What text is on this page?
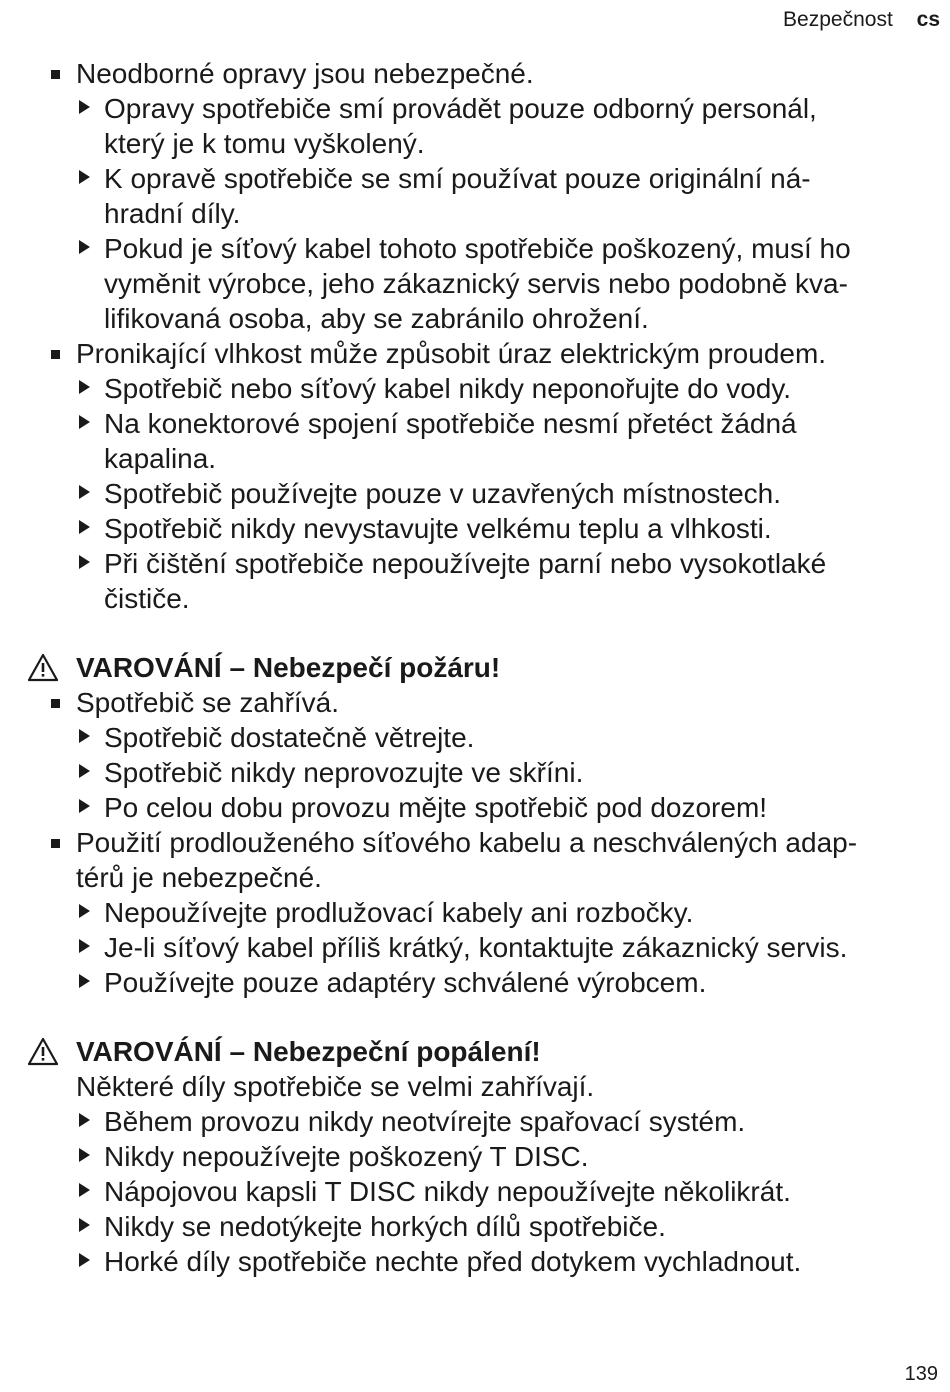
Bezpečnost cs
Neodborné opravy jsou nebezpečné.
Opravy spotřebiče smí provádět pouze odborný personál,
který je k tomu vyškolený.
K opravě spotřebiče se smí používat pouze originální ná-
hradní díly.
Pokud je síťový kabel tohoto spotřebiče poškozený, musí ho
vyměnit výrobce, jeho zákaznický servis nebo podobně kva-
lifikovaná osoba, aby se zabránilo ohrožení.
Pronikající vlhkost může způsobit úraz elektrickým proudem.
Spotřebič nebo síťový kabel nikdy neponořujte do vody.
Na konektorové spojení spotřebiče nesmí přetéct žádná
kapalina.
Spotřebič používejte pouze v uzavřených místnostech.
Spotřebič nikdy nevystavujte velkému teplu a vlhkosti.
Při čištění spotřebiče nepoužívejte parní nebo vysokotlaké
čističe.
VAROVÁNÍ – Nebezpečí požáru!
Spotřebič se zahřívá.
Spotřebič dostatečně větrejte.
Spotřebič nikdy neprovozujte ve skříni.
Po celou dobu provozu mějte spotřebič pod dozorem!
Použití prodlouženého síťového kabelu a neschválených adap-
térů je nebezpečné.
Nepoužívejte prodlužovací kabely ani rozbočky.
Je-li síťový kabel příliš krátký, kontaktujte zákaznický servis.
Používejte pouze adaptéry schválené výrobcem.
VAROVÁNÍ – Nebezpeční popálení!
Některé díly spotřebiče se velmi zahřívají.
Během provozu nikdy neotvírejte spařovací systém.
Nikdy nepoužívejte poškozený T DISC.
Nápojovou kapsli T DISC nikdy nepoužívejte několikrát.
Nikdy se nedotýkejte horkých dílů spotřebiče.
Horké díly spotřebiče nechte před dotykem vychladnout.
139
